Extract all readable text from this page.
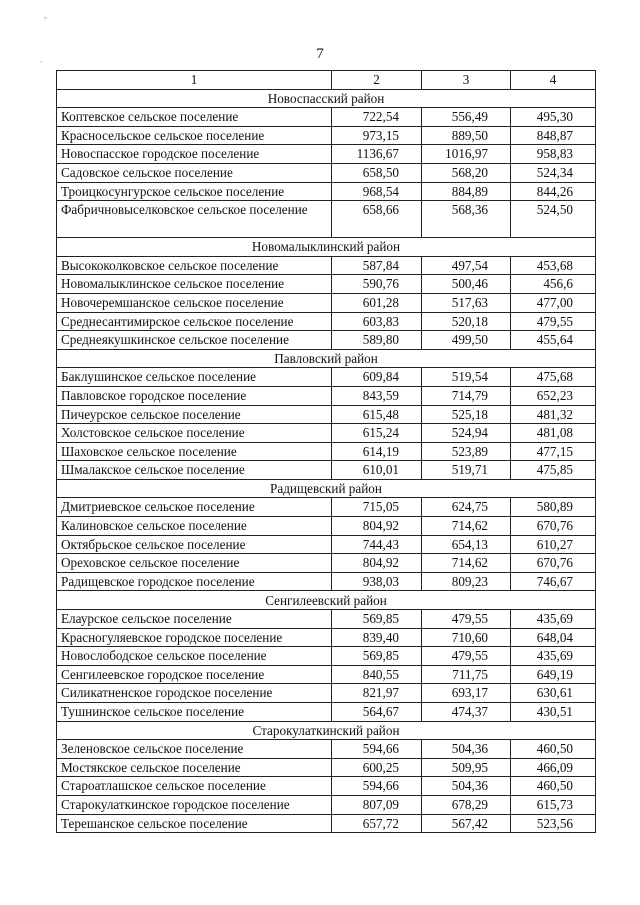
ˆ
·
7
1	2	3	4
Новоспасский район			
Коптевское сельское поселение	722,54	556,49	495,30
Красносельское сельское поселение	973,15	889,50	848,87
Новоспасское городское поселение	1136,67	1016,97	958,83
Садовское сельское поселение	658,50	568,20	524,34
Троицкосунгурское сельское поселение	968,54	884,89	844,26
Фабричновыселковское сельское поселение	658,66	568,36	524,50
Новомалыклинский район			
Высококолковское сельское поселение	587,84	497,54	453,68
Новомалыклинское сельское поселение	590,76	500,46	456,6
Новочеремшанское сельское поселение	601,28	517,63	477,00
Среднесантимирское сельское поселение	603,83	520,18	479,55
Среднеякушкинское сельское поселение	589,80	499,50	455,64
Павловский район			
Баклушинское сельское поселение	609,84	519,54	475,68
Павловское городское поселение	843,59	714,79	652,23
Пичеурское сельское поселение	615,48	525,18	481,32
Холстовское сельское поселение	615,24	524,94	481,08
Шаховское сельское поселение	614,19	523,89	477,15
Шмалакское сельское поселение	610,01	519,71	475,85
Радищевский район			
Дмитриевское сельское поселение	715,05	624,75	580,89
Калиновское сельское поселение	804,92	714,62	670,76
Октябрьское сельское поселение	744,43	654,13	610,27
Ореховское сельское поселение	804,92	714,62	670,76
Радищевское городское поселение	938,03	809,23	746,67
Сенгилеевский район			
Елаурское сельское поселение	569,85	479,55	435,69
Красногуляевское городское поселение	839,40	710,60	648,04
Новослободское сельское поселение	569,85	479,55	435,69
Сенгилеевское городское поселение	840,55	711,75	649,19
Силикатненское городское поселение	821,97	693,17	630,61
Тушнинское сельское поселение	564,67	474,37	430,51
Старокулаткинский район			
Зеленовское сельское поселение	594,66	504,36	460,50
Мостякское сельское поселение	600,25	509,95	466,09
Староатлашское сельское поселение	594,66	504,36	460,50
Старокулаткинское городское поселение	807,09	678,29	615,73
Терешанское сельское поселение	657,72	567,42	523,56
